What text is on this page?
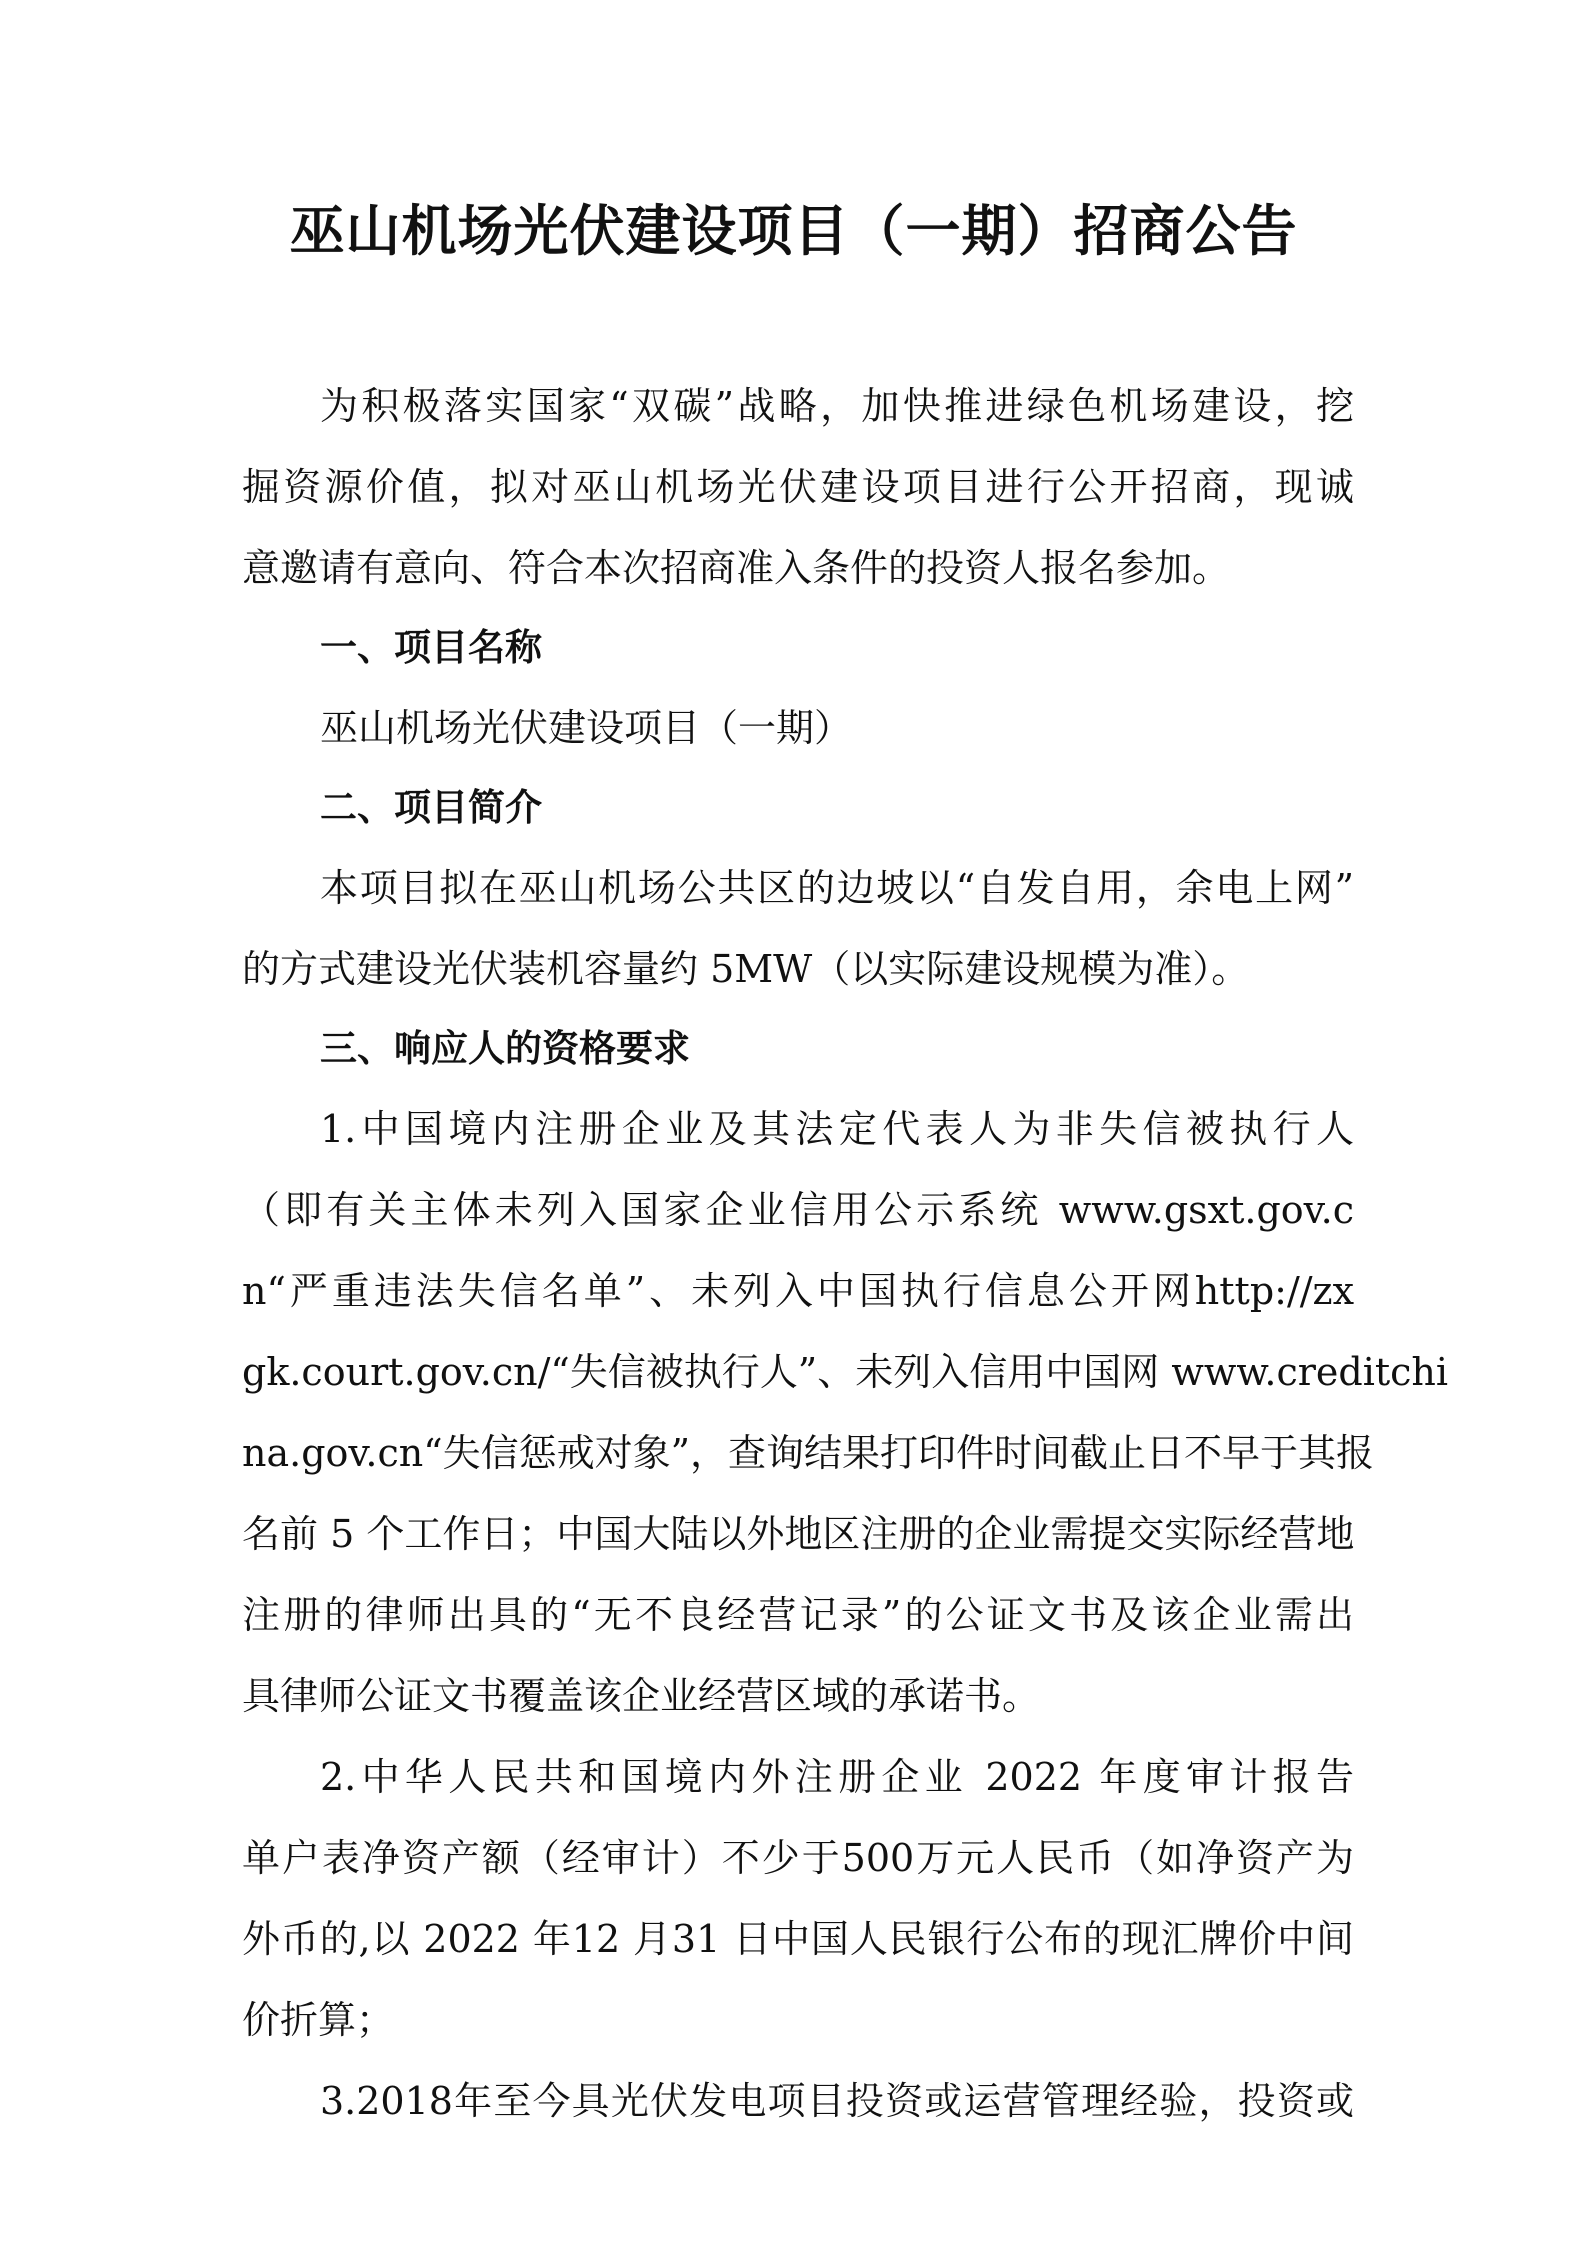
巫山机场光伏建设项目（一期）招商公告

为积极落实国家“双碳”战略，加快推进绿色机场建设，挖

掘资源价值，拟对巫山机场光伏建设项目进行公开招商，现诚

意邀请有意向、符合本次招商准入条件的投资人报名参加。

一、项目名称

巫山机场光伏建设项目（一期）

二、项目简介

本项目拟在巫山机场公共区的边坡以“自发自用，余电上网”

的方式建设光伏装机容量约 5MW（以实际建设规模为准）。

三、响应人的资格要求

1.中国境内注册企业及其法定代表人为非失信被执行人

（即有关主体未列入国家企业信用公示系统 www.gsxt.gov.c

n“严重违法失信名单”、未列入中国执行信息公开网http://zx

gk.court.gov.cn/“失信被执行人”、未列入信用中国网 www.creditchi

na.gov.cn“失信惩戒对象”，查询结果打印件时间截止日不早于其报

名前 5 个工作日；中国大陆以外地区注册的企业需提交实际经营地

注册的律师出具的“无不良经营记录”的公证文书及该企业需出

具律师公证文书覆盖该企业经营区域的承诺书。

2.中华人民共和国境内外注册企业 2022 年度审计报告

单户表净资产额（经审计）不少于500万元人民币（如净资产为

外币的,以 2022 年12 月31 日中国人民银行公布的现汇牌价中间

价折算；

3.2018年至今具光伏发电项目投资或运营管理经验，投资或
